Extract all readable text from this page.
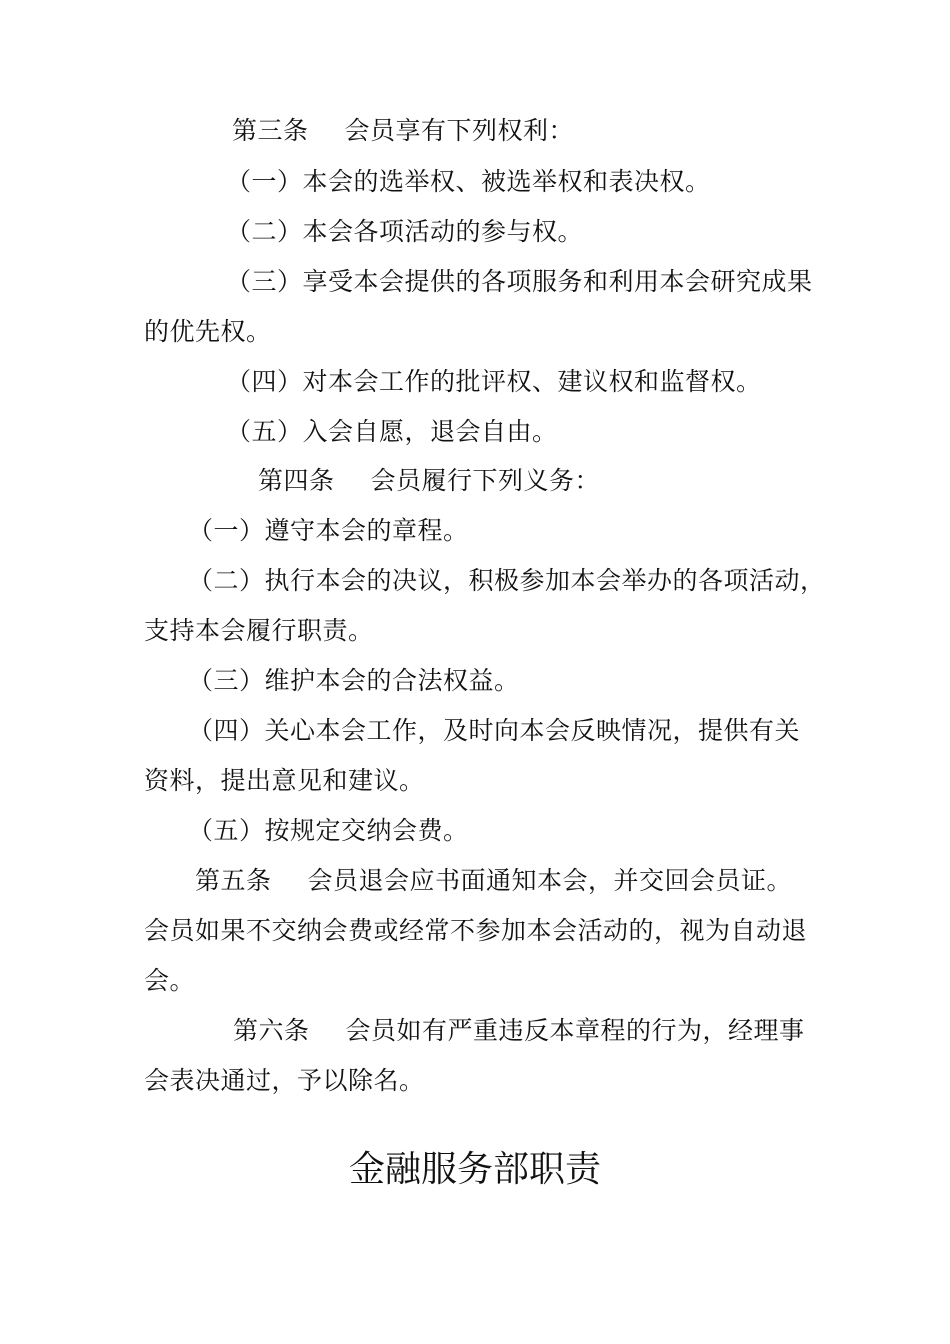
第三条 会员享有下列权利：
（一）本会的选举权、被选举权和表决权。
（二）本会各项活动的参与权。
（三）享受本会提供的各项服务和利用本会研究成果
的优先权。
（四）对本会工作的批评权、建议权和监督权。
（五）入会自愿，退会自由。
第四条 会员履行下列义务：
（一）遵守本会的章程。
（二）执行本会的决议，积极参加本会举办的各项活动，
支持本会履行职责。
（三）维护本会的合法权益。
（四）关心本会工作，及时向本会反映情况，提供有关
资料，提出意见和建议。
（五）按规定交纳会费。
第五条 会员退会应书面通知本会，并交回会员证。
会员如果不交纳会费或经常不参加本会活动的，视为自动退
会。
第六条 会员如有严重违反本章程的行为，经理事
会表决通过，予以除名。
金融服务部职责
